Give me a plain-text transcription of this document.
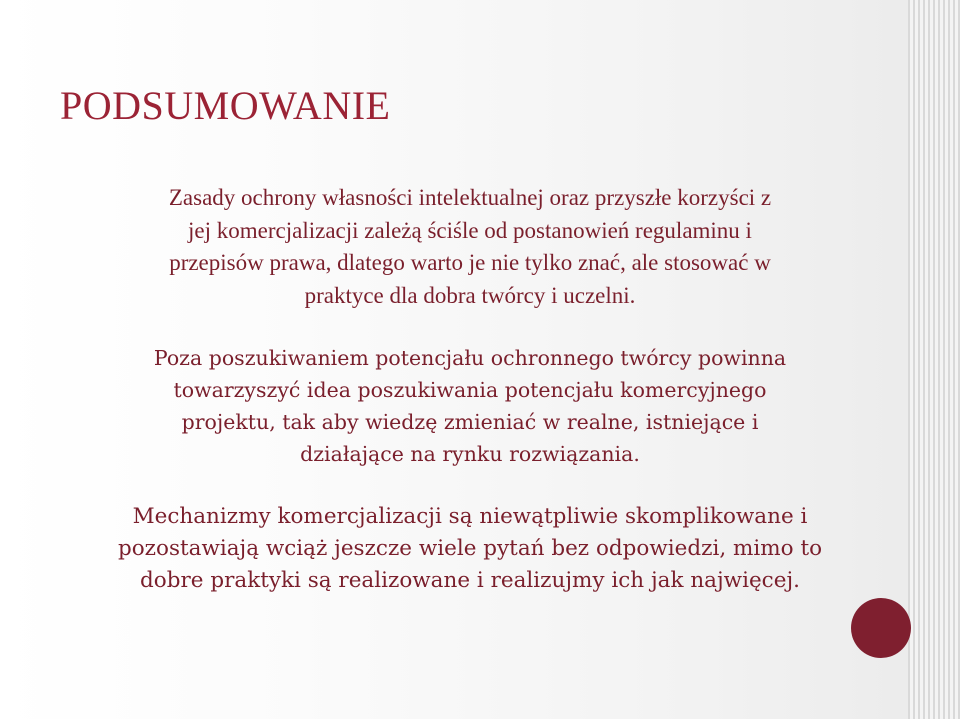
PODSUMOWANIE

Zasady ochrony własności intelektualnej oraz przyszłe korzyści z
jej komercjalizacji zależą ściśle od postanowień regulaminu i
przepisów prawa, dlatego warto je nie tylko znać, ale stosować w
praktyce dla dobra twórcy i uczelni.

Poza poszukiwaniem potencjału ochronnego twórcy powinna
towarzyszyć idea poszukiwania potencjału komercyjnego
projektu, tak aby wiedzę zmieniać w realne, istniejące i
działające na rynku rozwiązania.

Mechanizmy komercjalizacji są niewątpliwie skomplikowane i
pozostawiają wciąż jeszcze wiele pytań bez odpowiedzi, mimo to
dobre praktyki są realizowane i realizujmy ich jak najwięcej.
